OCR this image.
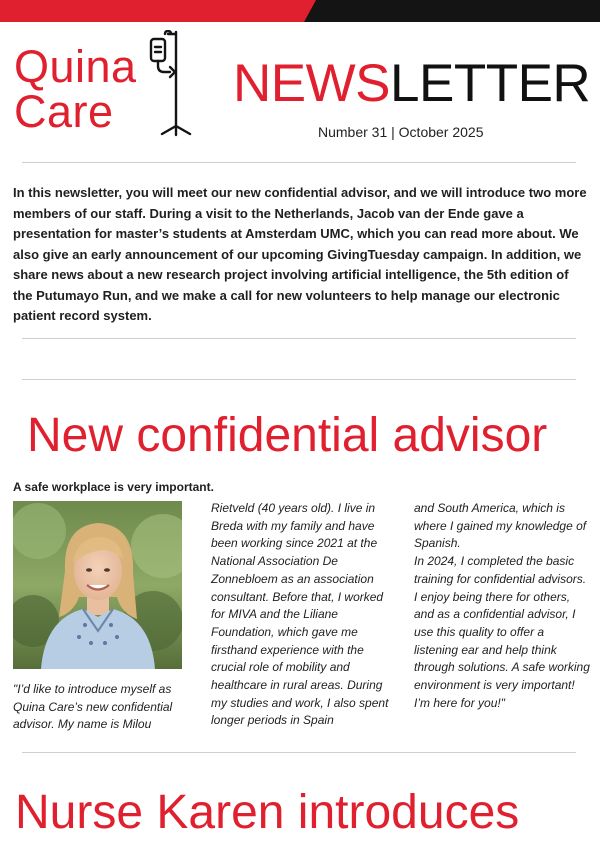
Quina
Care	NEWSLETTER
Number 31 | October 2025
In this newsletter, you will meet our new confidential advisor, and we will introduce two more members of our staff. During a visit to the Netherlands, Jacob van der Ende gave a presentation for master’s students at Amsterdam UMC, which you can read more about. We also give an early announcement of our upcoming GivingTuesday campaign. In addition, we share news about a new research project involving artificial intelligence, the 5th edition of the Putumayo Run, and we make a call for new volunteers to help manage our electronic patient record system.
New confidential advisor
A safe workplace is very important.

"I’d like to introduce myself as Quina Care’s new confidential advisor. My name is Milou

Rietveld (40 years old). I live in Breda with my family and have been working since 2021 at the National Association De Zonnebloem as an association consultant. Before that, I worked for MIVA and the Liliane Foundation, which gave me firsthand experience with the crucial role of mobility and healthcare in rural areas. During my studies and work, I also spent longer periods in Spain

and South America, which is where I gained my knowledge of Spanish.

In 2024, I completed the basic training for confidential advisors. I enjoy being there for others, and as a confidential advisor, I use this quality to offer a listening ear and help think through solutions. A safe working environment is very important!

I’m here for you!"

Nurse Karen introduces
